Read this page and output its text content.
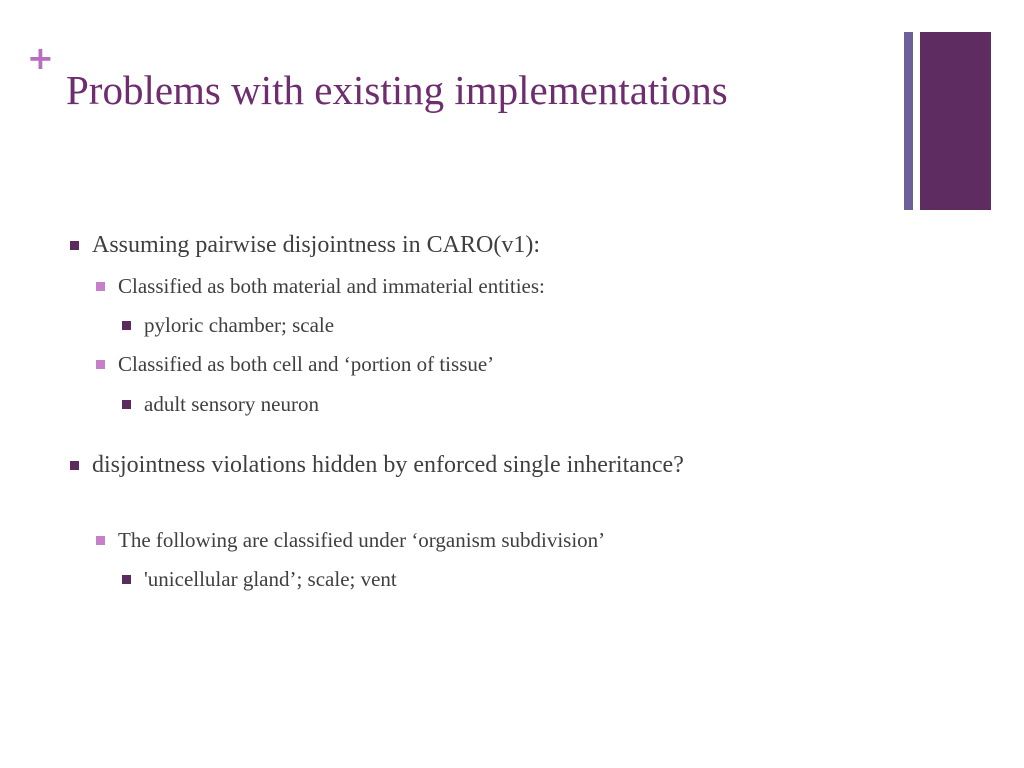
+
Problems with existing implementations
Assuming pairwise disjointness in CARO(v1):
Classified as both material and immaterial entities:
pyloric chamber; scale
Classified as both cell and ‘portion of tissue’
adult sensory neuron
disjointness violations hidden by enforced single inheritance?
The following are classified under ‘organism subdivision’
'unicellular gland’; scale; vent
